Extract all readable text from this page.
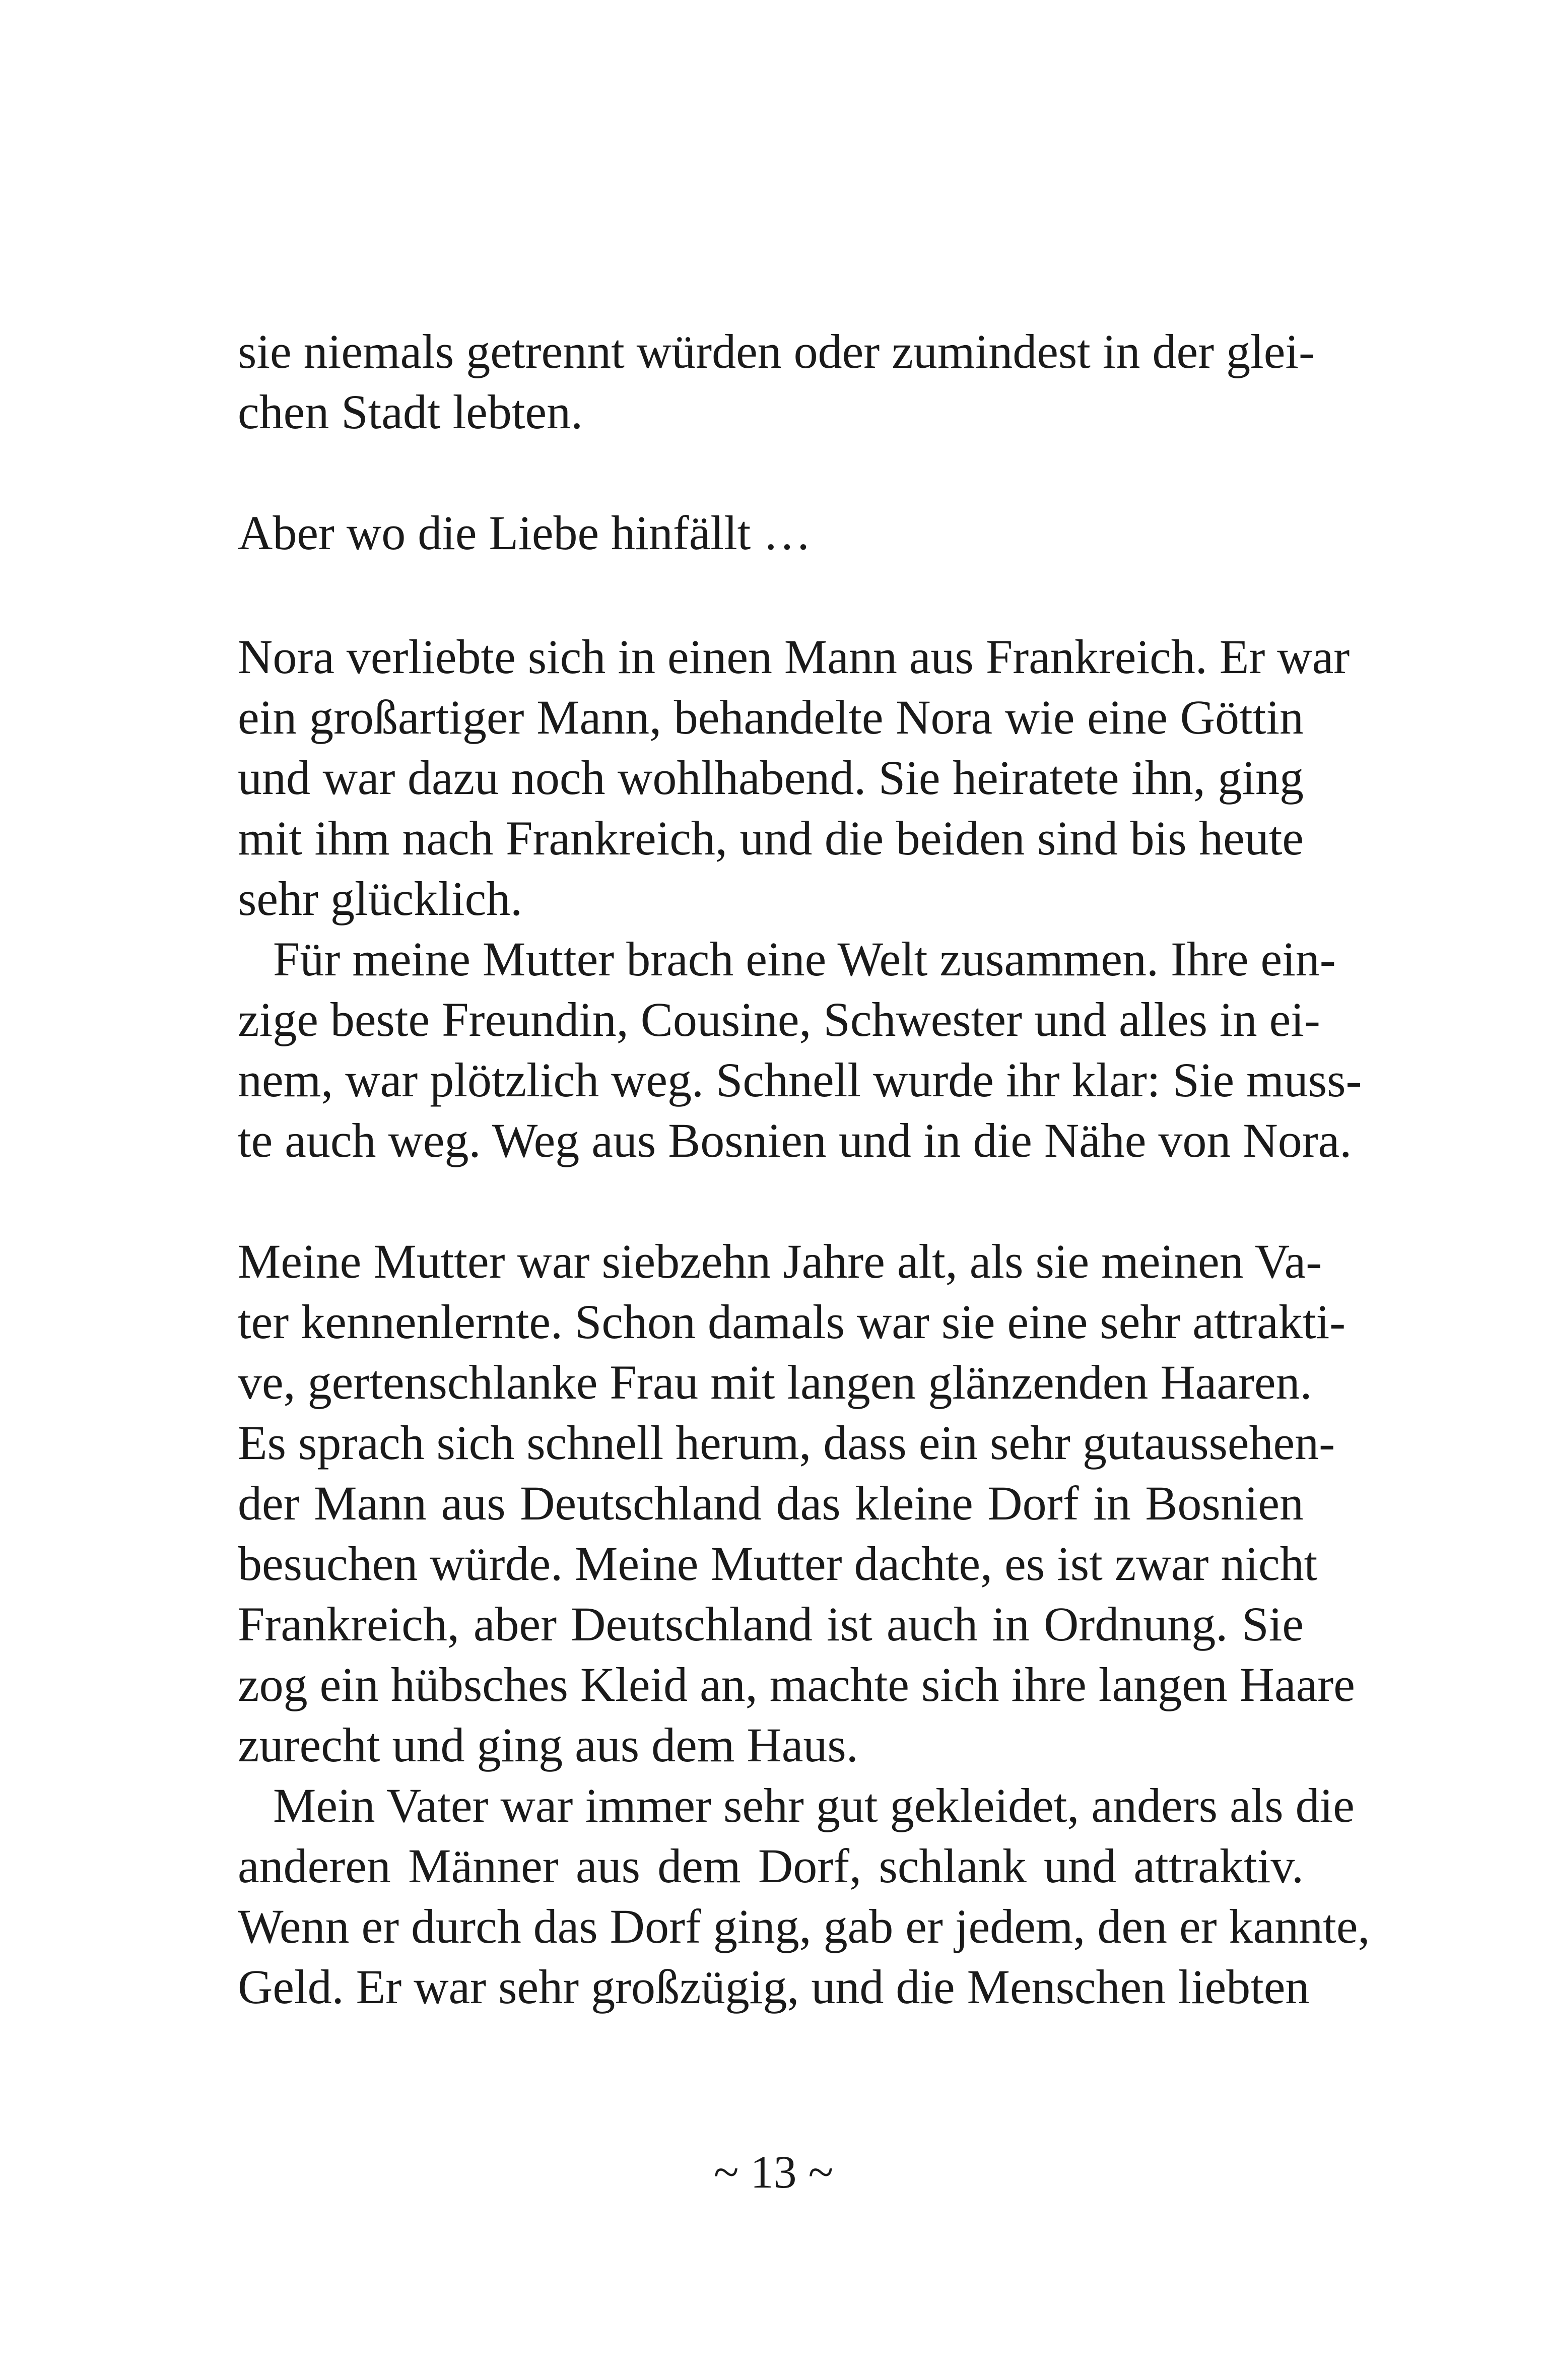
sie niemals getrennt würden oder zumindest in der glei-

chen Stadt lebten.

Aber wo die Liebe hinfällt …

Nora verliebte sich in einen Mann aus Frankreich. Er war

ein großartiger Mann, behandelte Nora wie eine Göttin

und war dazu noch wohlhabend. Sie heiratete ihn, ging

mit ihm nach Frankreich, und die beiden sind bis heute

sehr glücklich.

Für meine Mutter brach eine Welt zusammen. Ihre ein-

zige beste Freundin, Cousine, Schwester und alles in ei-

nem, war plötzlich weg. Schnell wurde ihr klar: Sie muss-

te auch weg. Weg aus Bosnien und in die Nähe von Nora.

Meine Mutter war siebzehn Jahre alt, als sie meinen Va-

ter kennenlernte. Schon damals war sie eine sehr attrakti-

ve, gertenschlanke Frau mit langen glänzenden Haaren.

Es sprach sich schnell herum, dass ein sehr gutaussehen-

der Mann aus Deutschland das kleine Dorf in Bosnien

besuchen würde. Meine Mutter dachte, es ist zwar nicht

Frankreich, aber Deutschland ist auch in Ordnung. Sie

zog ein hübsches Kleid an, machte sich ihre langen Haare

zurecht und ging aus dem Haus.

Mein Vater war immer sehr gut gekleidet, anders als die

anderen Männer aus dem Dorf, schlank und attraktiv.

Wenn er durch das Dorf ging, gab er jedem, den er kannte,

Geld. Er war sehr großzügig, und die Menschen liebten

~ 13 ~
